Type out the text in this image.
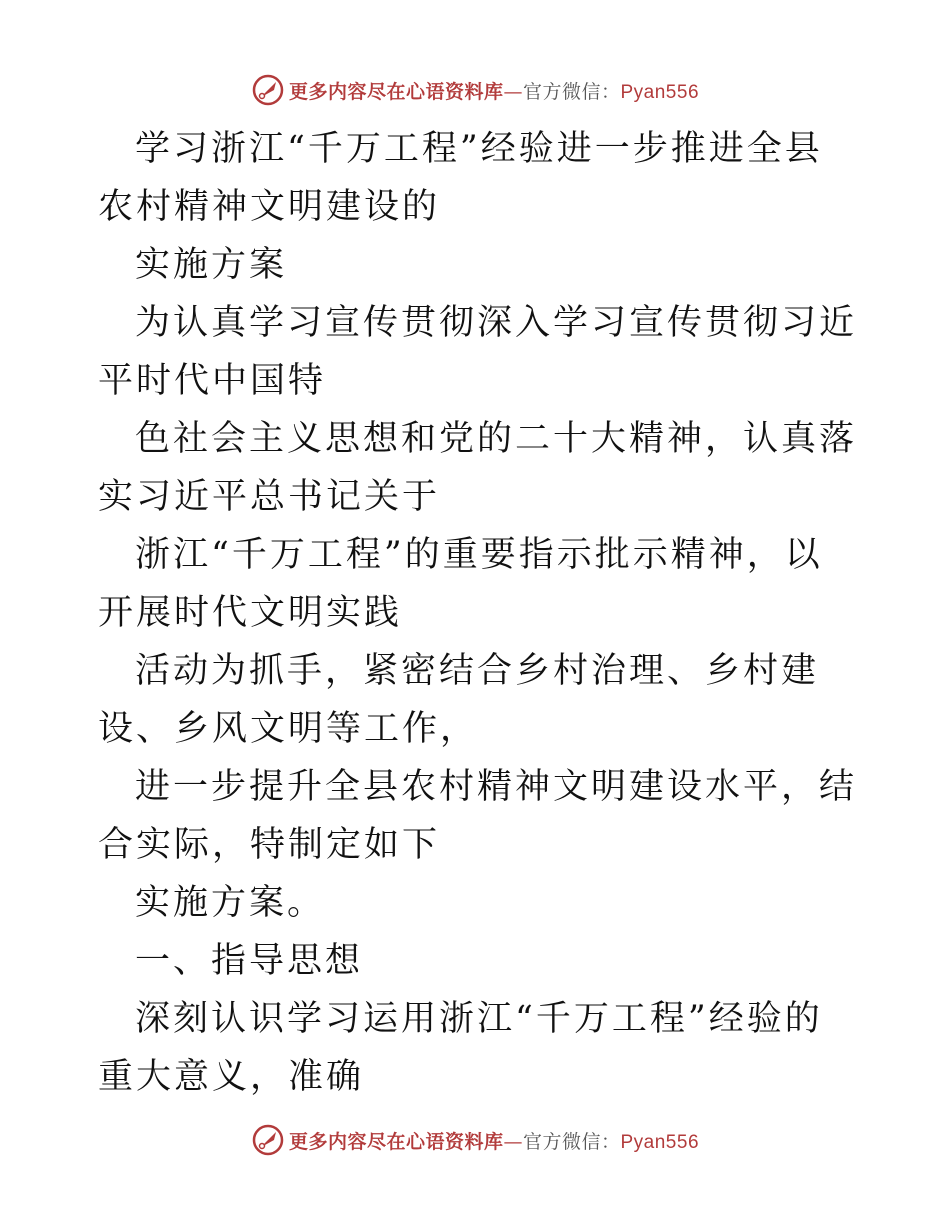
更多内容尽在心语资料库—官方微信：Pyan556

学习浙江“千万工程”经验进一步推进全县农村精神文明建设的

实施方案

为认真学习宣传贯彻深入学习宣传贯彻习近平时代中国特

色社会主义思想和党的二十大精神，认真落实习近平总书记关于

浙江“千万工程”的重要指示批示精神，以开展时代文明实践

活动为抓手，紧密结合乡村治理、乡村建设、乡风文明等工作，

进一步提升全县农村精神文明建设水平，结合实际，特制定如下

实施方案。

一、指导思想

深刻认识学习运用浙江“千万工程”经验的重大意义，准确

更多内容尽在心语资料库—官方微信：Pyan556
